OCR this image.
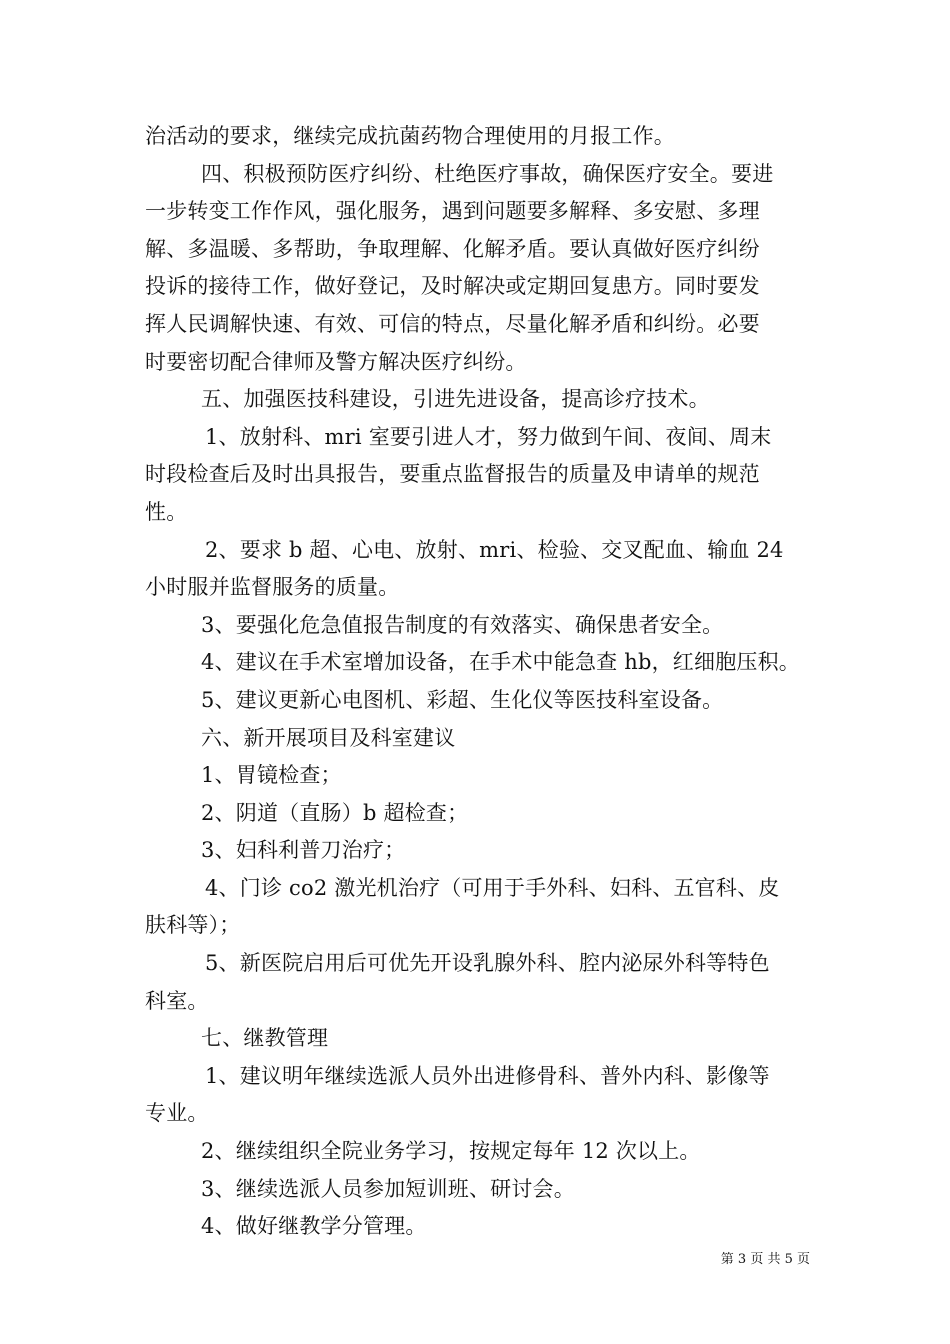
治活动的要求，继续完成抗菌药物合理使用的月报工作。

四、积极预防医疗纠纷、杜绝医疗事故，确保医疗安全。要进

一步转变工作作风，强化服务，遇到问题要多解释、多安慰、多理

解、多温暖、多帮助，争取理解、化解矛盾。要认真做好医疗纠纷

投诉的接待工作，做好登记，及时解决或定期回复患方。同时要发

挥人民调解快速、有效、可信的特点，尽量化解矛盾和纠纷。必要

时要密切配合律师及警方解决医疗纠纷。

五、加强医技科建设，引进先进设备，提高诊疗技术。

1、放射科、mri 室要引进人才，努力做到午间、夜间、周末

时段检查后及时出具报告，要重点监督报告的质量及申请单的规范

性。

2、要求 b 超、心电、放射、mri、检验、交叉配血、输血 24

小时服并监督服务的质量。

3、要强化危急值报告制度的有效落实、确保患者安全。

4、建议在手术室增加设备，在手术中能急查 hb，红细胞压积。

5、建议更新心电图机、彩超、生化仪等医技科室设备。

六、新开展项目及科室建议

1、胃镜检查；

2、阴道（直肠）b 超检查；

3、妇科利普刀治疗；

4、门诊 co2 激光机治疗（可用于手外科、妇科、五官科、皮

肤科等）；

5、新医院启用后可优先开设乳腺外科、腔内泌尿外科等特色

科室。

七、继教管理

1、建议明年继续选派人员外出进修骨科、普外内科、影像等

专业。

2、继续组织全院业务学习，按规定每年 12 次以上。

3、继续选派人员参加短训班、研讨会。

4、做好继教学分管理。

第 3 页 共 5 页
